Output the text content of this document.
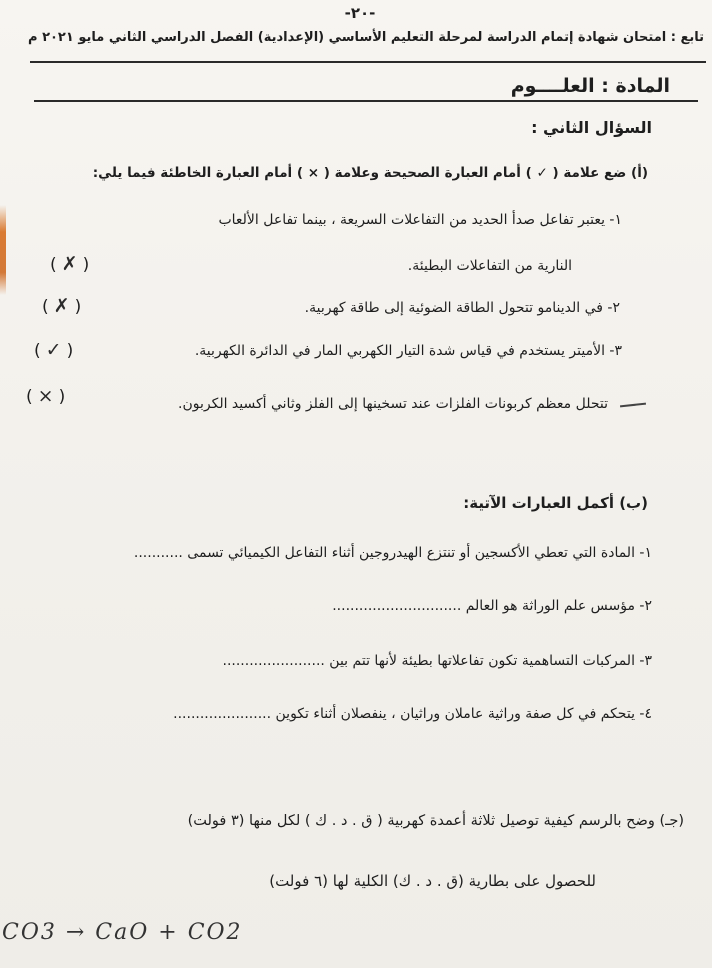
-٢٠-
تابع : امتحان شهادة إتمام الدراسة لمرحلة التعليم الأساسي (الإعدادية) الفصل الدراسي الثاني مايو ٢٠٢١ م
المادة : العلــــوم
السؤال الثاني :
(أ) ضع علامة ( ✓ ) أمام العبارة الصحيحة وعلامة ( × ) أمام العبارة الخاطئة فيما يلي:
١- يعتبر تفاعل صدأ الحديد من التفاعلات السريعة ، بينما تفاعل الألعاب
النارية من التفاعلات البطيئة.
( ✗ )
٢- في الدينامو تتحول الطاقة الضوئية إلى طاقة كهربية.
( ✗ )
٣- الأميتر يستخدم في قياس شدة التيار الكهربي المار في الدائرة الكهربية.
( ✓ )
تتحلل معظم كربونات الفلزات عند تسخينها إلى الفلز وثاني أكسيد الكربون.
( × )
(ب) أكمل العبارات الآتية:
١- المادة التي تعطي الأكسجين أو تنتزع الهيدروجين أثناء التفاعل الكيميائي تسمى ...........
٢- مؤسس علم الوراثة هو العالم .............................
٣- المركبات التساهمية تكون تفاعلاتها بطيئة لأنها تتم بين .......................
٤- يتحكم في كل صفة وراثية عاملان وراثيان ، ينفصلان أثناء تكوين ......................
(جـ) وضح بالرسم كيفية توصيل ثلاثة أعمدة كهربية ( ق . د . ك ) لكل منها (٣ فولت)
للحصول على بطارية (ق . د . ك) الكلية لها (٦ فولت)
CO3 → CaO + CO2
